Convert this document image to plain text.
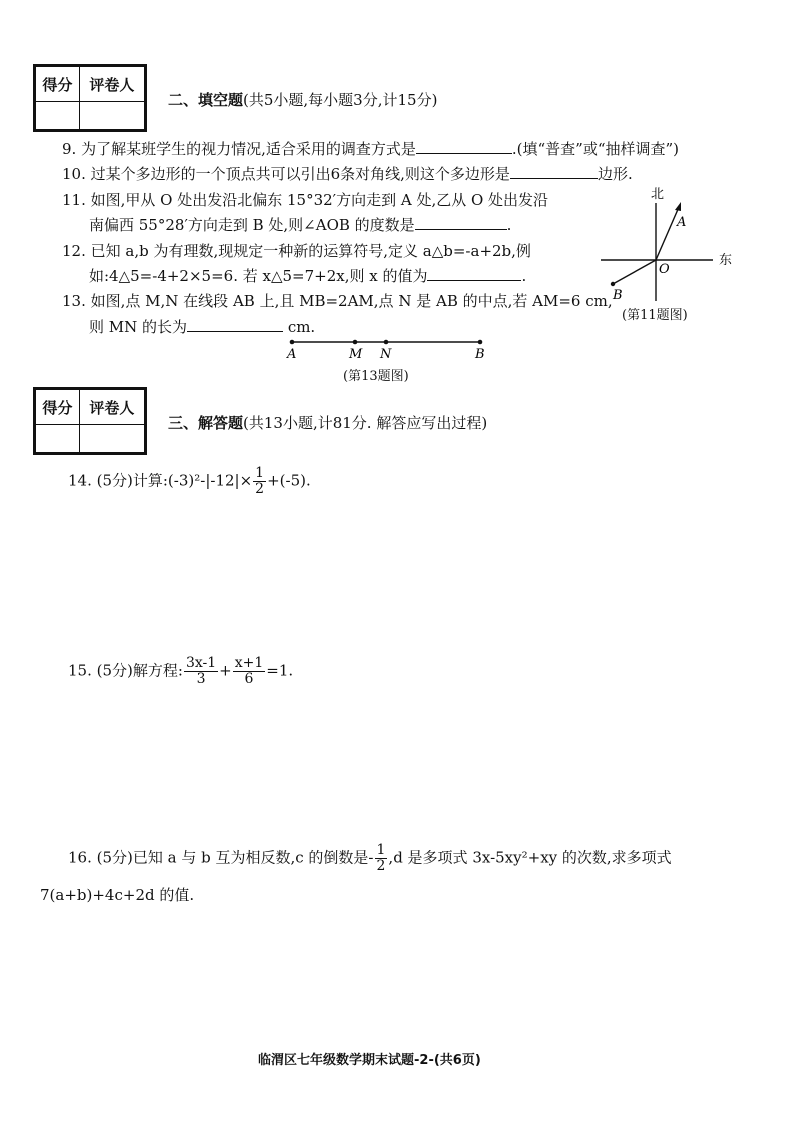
得分	评卷人

二、填空题(共5小题,每小题3分,计15分)
9. 为了解某班学生的视力情况,适合采用的调查方式是	.(填“普查”或“抽样调查”)
10. 过某个多边形的一个顶点共可以引出6条对角线,则这个多边形是	边形.
11. 如图,甲从 O 处出发沿北偏东 15°32′方向走到 A 处,乙从 O 处出发沿
南偏西 55°28′方向走到 B 处,则∠AOB 的度数是	.
12. 已知 a,b 为有理数,现规定一种新的运算符号,定义 a△b=-a+2b,例
如:4△5=-4+2×5=6. 若 x△5=7+2x,则 x 的值为	.
13. 如图,点 M,N 在线段 AB 上,且 MB=2AM,点 N 是 AB 的中点,若 AM=6 cm,
则 MN 的长为	cm.
北
A
O
东
B
(第11题图)
A	M N	B
(第13题图)
得分	评卷人

三、解答题(共13小题,计81分. 解答应写出过程)
14. (5分)计算:(-3)²-|-12|× $\frac{1}{2} +(-5)$.
15. (5分)解方程: $\frac{3x-1}{3} + \frac{x+1}{6} =1$.
16. (5分)已知 a 与 b 互为相反数,c 的倒数是- $\frac{1}{2} ,d$ 是多项式 3x-5xy²+xy 的次数,求多项式
7(a+b)+4c+2d 的值.
临渭区七年级数学期末试题-2-(共6页)
